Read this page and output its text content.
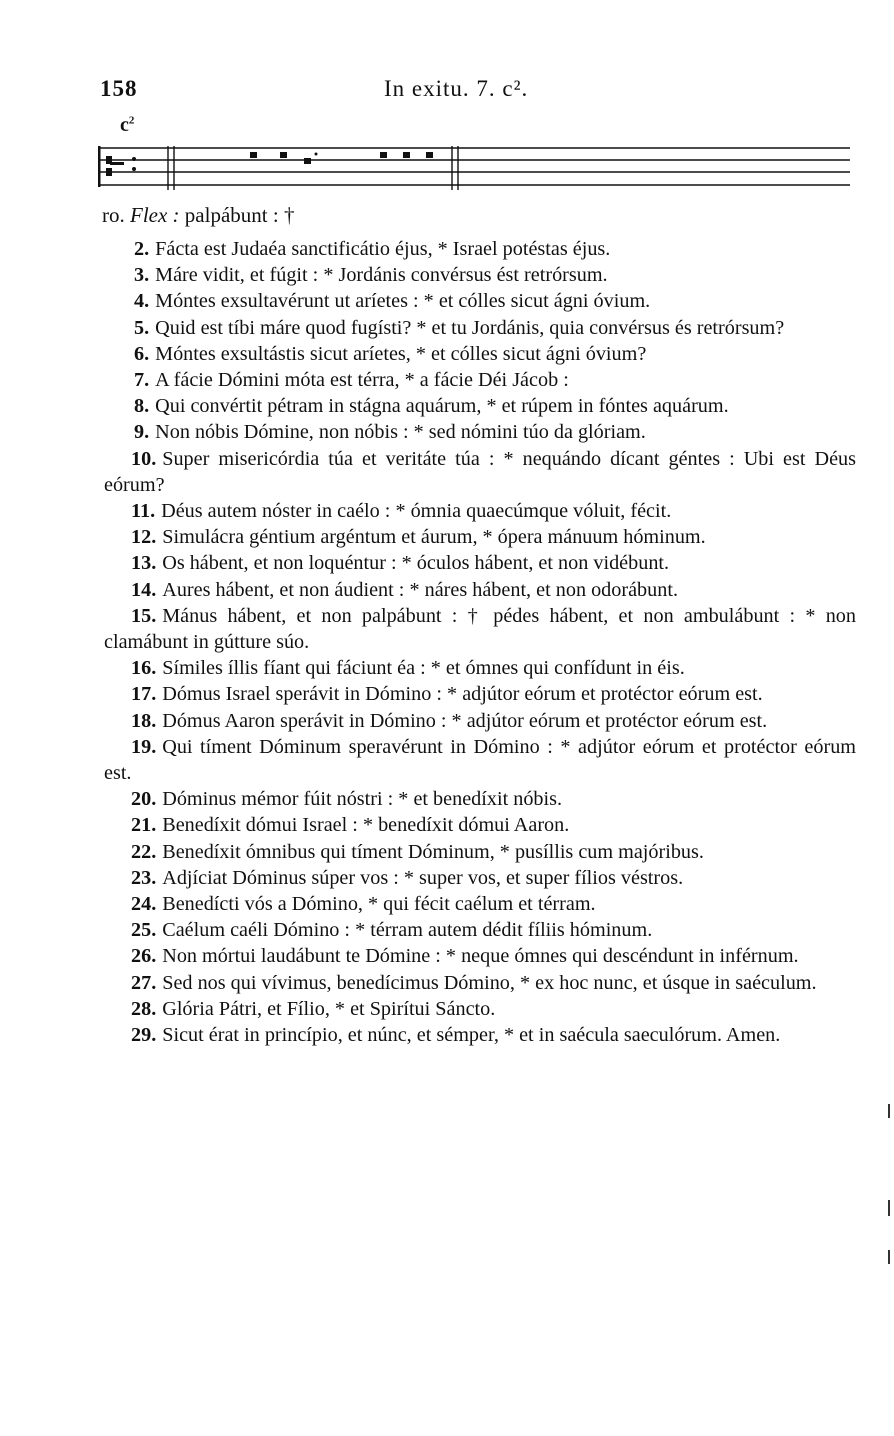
158	In exitu. 7. c².
$c^2$
ro. Flex : palpábunt : †

2. Fácta est Judaéa sanctificátio éjus, * Israel potéstas éjus.

3. Máre vidit, et fúgit : * Jordánis convérsus ést retrórsum.

4. Móntes exsultavérunt ut aríetes : * et cólles sicut ágni óvium.

5. Quid est tíbi máre quod fugísti? * et tu Jordánis, quia convérsus és retrórsum?

6. Móntes exsultástis sicut aríetes, * et cólles sicut ágni óvium?

7. A fácie Dómini móta est térra, * a fácie Déi Jácob :

8. Qui convértit pétram in stágna aquárum, * et rúpem in fóntes aquárum.

9. Non nóbis Dómine, non nóbis : * sed nómini túo da glóriam.

10. Super misericórdia túa et veritáte túa : * nequándo dícant géntes : Ubi est Déus eórum?

11. Déus autem nóster in caélo : * ómnia quaecúmque vóluit, fécit.

12. Simulácra géntium argéntum et áurum, * ópera mánuum hóminum.

13. Os hábent, et non loquéntur : * óculos hábent, et non vidébunt.

14. Aures hábent, et non áudient : * náres hábent, et non odorábunt.

15. Mánus hábent, et non palpábunt : † pédes hábent, et non ambulábunt : * non clamábunt in gútture súo.

16. Símiles íllis fíant qui fáciunt éa : * et ómnes qui confídunt in éis.

17. Dómus Israel sperávit in Dómino : * adjútor eórum et protéctor eórum est.

18. Dómus Aaron sperávit in Dómino : * adjútor eórum et protéctor eórum est.

19. Qui tíment Dóminum speravérunt in Dómino : * adjútor eórum et protéctor eórum est.

20. Dóminus mémor fúit nóstri : * et benedíxit nóbis.

21. Benedíxit dómui Israel : * benedíxit dómui Aaron.

22. Benedíxit ómnibus qui tíment Dóminum, * pusíllis cum majóribus.

23. Adjíciat Dóminus súper vos : * super vos, et super fílios véstros.

24. Benedícti vós a Dómino, * qui fécit caélum et térram.

25. Caélum caéli Dómino : * térram autem dédit fíliis hóminum.

26. Non mórtui laudábunt te Dómine : * neque ómnes qui descéndunt in inférnum.

27. Sed nos qui vívimus, benedícimus Dómino, * ex hoc nunc, et úsque in saéculum.

28. Glória Pátri, et Fílio, * et Spirítui Sáncto.

29. Sicut érat in princípio, et núnc, et sémper, * et in saécula saeculórum. Amen.
